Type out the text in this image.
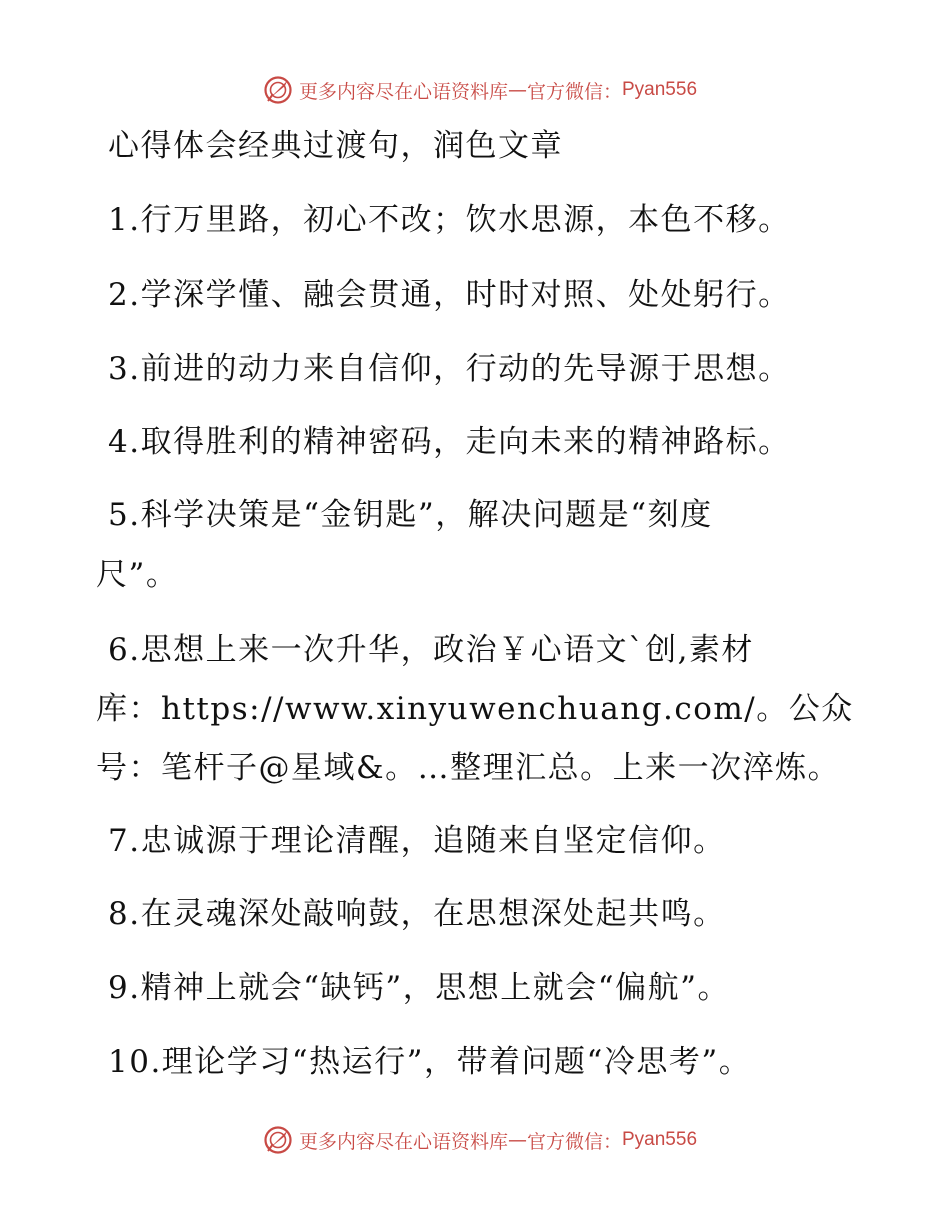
更多内容尽在心语资料库 — 官方微信： Pyan556
心得体会经典过渡句，润色文章
1.行万里路，初心不改；饮水思源，本色不移。
2.学深学懂、融会贯通，时时对照、处处躬行。
3.前进的动力来自信仰，行动的先导源于思想。
4.取得胜利的精神密码，走向未来的精神路标。
5.科学决策是“金钥匙”，解决问题是“刻度
尺”。
6.思想上来一次升华，政治￥心语文`创,素材
库：https://www.xinyuwenchuang.com/。公众
号：笔杆子@星域&。…整理汇总。上来一次淬炼。
7.忠诚源于理论清醒，追随来自坚定信仰。
8.在灵魂深处敲响鼓，在思想深处起共鸣。
9.精神上就会“缺钙”，思想上就会“偏航”。
10.理论学习“热运行”，带着问题“冷思考”。
更多内容尽在心语资料库 — 官方微信： Pyan556
